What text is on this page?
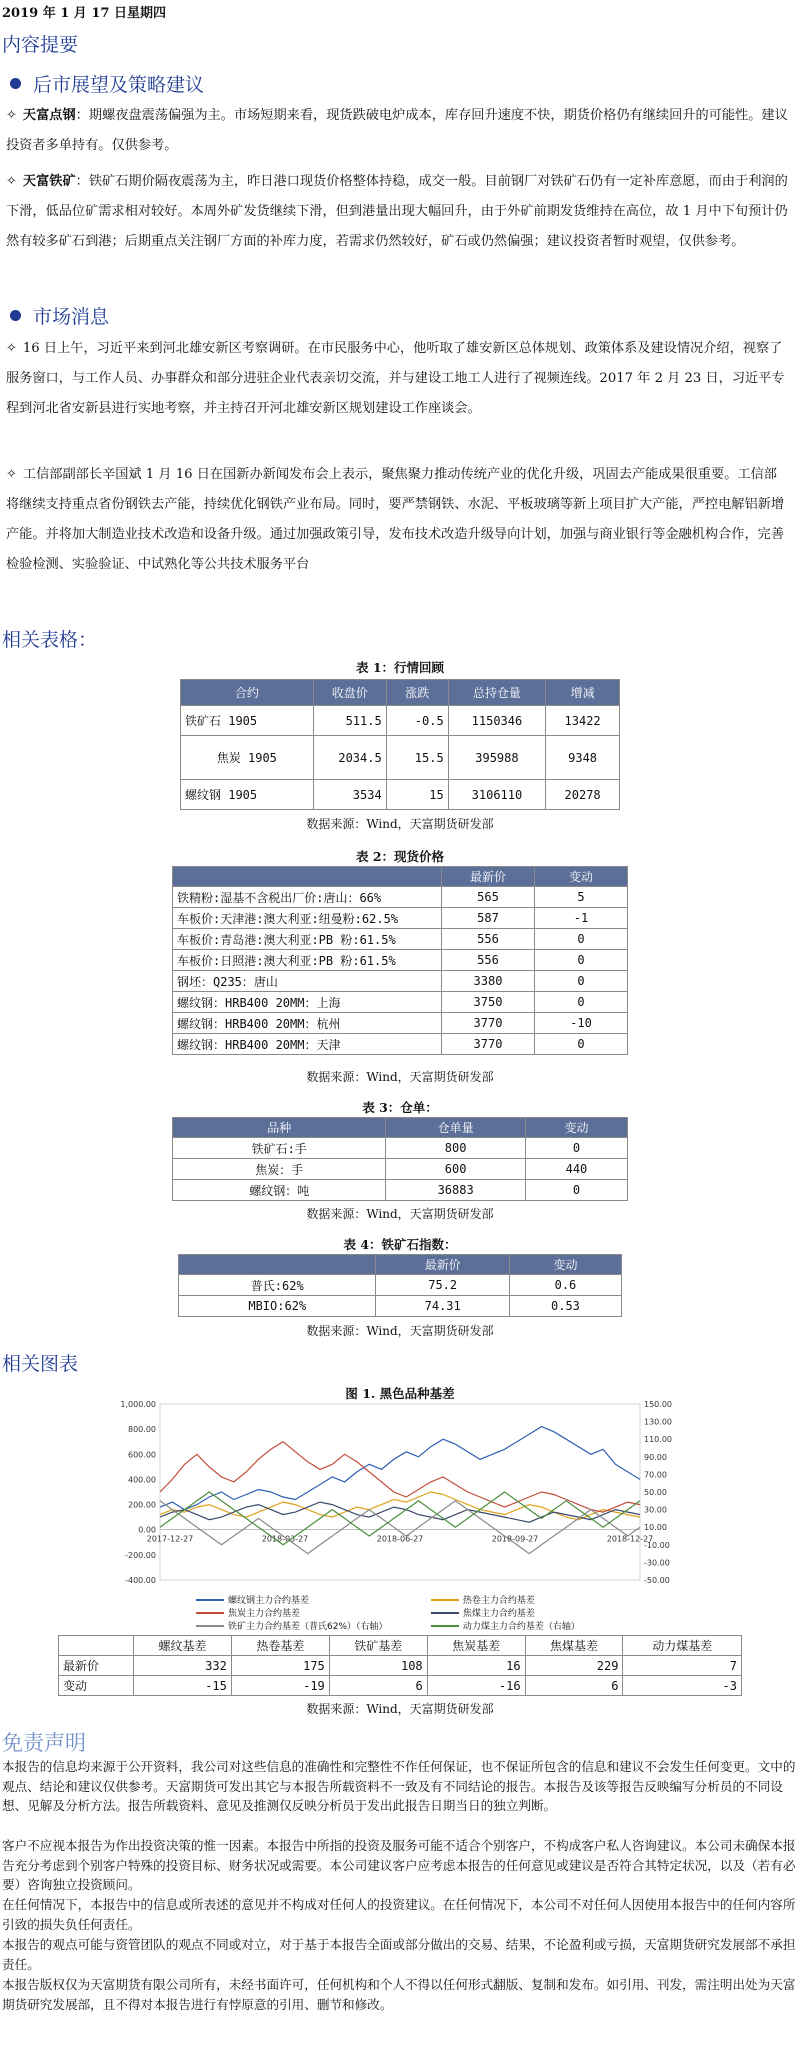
2019 年 1 月 17 日星期四
内容提要
后市展望及策略建议
✧ 天富点钢：期螺夜盘震荡偏强为主。市场短期来看，现货跌破电炉成本，库存回升速度不快，期货价格仍有继续回升的可能性。建议投资者多单持有。仅供参考。
✧ 天富铁矿：铁矿石期价隔夜震荡为主，昨日港口现货价格整体持稳，成交一般。目前钢厂对铁矿石仍有一定补库意愿，而由于利润的下滑，低品位矿需求相对较好。本周外矿发货继续下滑，但到港量出现大幅回升，由于外矿前期发货维持在高位，故 1 月中下旬预计仍然有较多矿石到港；后期重点关注钢厂方面的补库力度，若需求仍然较好，矿石或仍然偏强；建议投资者暂时观望，仅供参考。
市场消息
✧ 16 日上午，习近平来到河北雄安新区考察调研。在市民服务中心，他听取了雄安新区总体规划、政策体系及建设情况介绍，视察了服务窗口，与工作人员、办事群众和部分进驻企业代表亲切交流，并与建设工地工人进行了视频连线。2017 年 2 月 23 日，习近平专程到河北省安新县进行实地考察，并主持召开河北雄安新区规划建设工作座谈会。
✧ 工信部副部长辛国斌 1 月 16 日在国新办新闻发布会上表示，聚焦聚力推动传统产业的优化升级，巩固去产能成果很重要。工信部将继续支持重点省份钢铁去产能，持续优化钢铁产业布局。同时，要严禁钢铁、水泥、平板玻璃等新上项目扩大产能，严控电解铝新增产能。并将加大制造业技术改造和设备升级。通过加强政策引导，发布技术改造升级导向计划，加强与商业银行等金融机构合作，完善检验检测、实验验证、中试熟化等公共技术服务平台
相关表格：
表 1：行情回顾
合约	收盘价	涨跌	总持仓量	增减
铁矿石 1905	511.5	-0.5	1150346	13422
焦炭 1905	2034.5	15.5	395988	9348
螺纹钢 1905	3534	15	3106110	20278
数据来源：Wind，天富期货研发部
表 2：现货价格
	最新价	变动
铁精粉:湿基不含税出厂价:唐山：66%	565	5
车板价:天津港:澳大利亚:纽曼粉:62.5%	587	-1
车板价:青岛港:澳大利亚:PB 粉:61.5%	556	0
车板价:日照港:澳大利亚:PB 粉:61.5%	556	0
钢坯：Q235：唐山	3380	0
螺纹钢：HRB400 20MM：上海	3750	0
螺纹钢：HRB400 20MM：杭州	3770	-10
螺纹钢：HRB400 20MM：天津	3770	0
数据来源：Wind，天富期货研发部
表 3：仓单：
品种	仓单量	变动
铁矿石:手	800	0
焦炭：手	600	440
螺纹钢：吨	36883	0
数据来源：Wind，天富期货研发部
表 4：铁矿石指数：
	最新价	变动
普氏:62%	75.2	0.6
MBIO:62%	74.31	0.53
数据来源：Wind，天富期货研发部
相关图表
图 1. 黑色品种基差
1,000.00
800.00
600.00
400.00
200.00
0.00
-200.00
-400.00
150.00
130.00
110.00
90.00
70.00
50.00
30.00
10.00
-10.00
-30.00
-50.00
2017-12-27	2018-03-27	2018-06-27	2018-09-27	2018-12-27
螺纹钢主力合约基差
	热卷主力合约基差

焦炭主力合约基差
	焦煤主力合约基差

铁矿主力合约基差（普氏62%）（右轴）
	动力煤主力合约基差（右轴）
	螺纹基差	热卷基差	铁矿基差	焦炭基差	焦煤基差	动力煤基差
最新价	332	175	108	16	229	7
变动	-15	-19	6	-16	6	-3
数据来源：Wind，天富期货研发部
免责声明
本报告的信息均来源于公开资料，我公司对这些信息的准确性和完整性不作任何保证，也不保证所包含的信息和建议不会发生任何变更。文中的观点、结论和建议仅供参考。天富期货可发出其它与本报告所载资料不一致及有不同结论的报告。本报告及该等报告反映编写分析员的不同设想、见解及分析方法。报告所载资料、意见及推测仅反映分析员于发出此报告日期当日的独立判断。
客户不应视本报告为作出投资决策的惟一因素。本报告中所指的投资及服务可能不适合个别客户，不构成客户私人咨询建议。本公司未确保本报告充分考虑到个别客户特殊的投资目标、财务状况或需要。本公司建议客户应考虑本报告的任何意见或建议是否符合其特定状况，以及（若有必要）咨询独立投资顾问。
在任何情况下，本报告中的信息或所表述的意见并不构成对任何人的投资建议。在任何情况下，本公司不对任何人因使用本报告中的任何内容所引致的损失负任何责任。
本报告的观点可能与资管团队的观点不同或对立，对于基于本报告全面或部分做出的交易、结果，不论盈利或亏损，天富期货研究发展部不承担责任。
本报告版权仅为天富期货有限公司所有，未经书面许可，任何机构和个人不得以任何形式翻版、复制和发布。如引用、刊发，需注明出处为天富期货研究发展部，且不得对本报告进行有悖原意的引用、删节和修改。
